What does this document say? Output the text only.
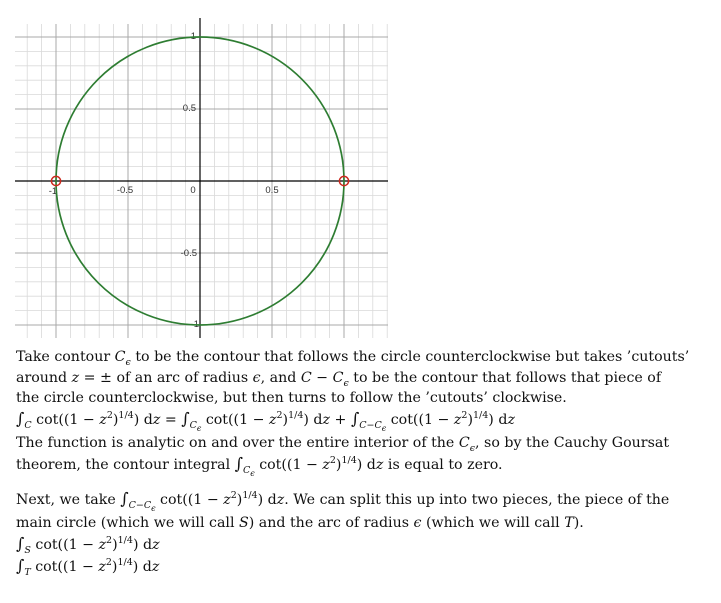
-1	-0.5	0	0.5
1
0.5
-0.5
-1

Take contour $C_\epsilon$ to be the contour that follows the circle counterclockwise but takes ’cutouts’
around z = ± of an arc of radius ϵ, and $C - C_\epsilon$ to be the contour that follows that piece of
the circle counterclockwise, but then turns to follow the ’cutouts’ clockwise.

$\int_C$ $\cot((1 - z^2)^{1/4})$ dz = $\int_{C_\epsilon}$ $\cot((1 - z^2)^{1/4})$ dz + $\int_{C-C_\epsilon}$ $\cot((1 - z^2)^{1/4})$ dz

The function is analytic on and over the entire interior of the $C_\epsilon$, so by the Cauchy Goursat
theorem, the contour integral $\int_{C_\epsilon}$ $\cot((1 - z^2)^{1/4})$ dz is equal to zero.

Next, we take $\int_{C-C_\epsilon}$ $\cot((1 - z^2)^{1/4})$ dz. We can split this up into two pieces, the piece of the
main circle (which we will call S) and the arc of radius ϵ (which we will call T).

$\int_S$ $\cot((1 - z^2)^{1/4})$ dz

$\int_T$ $\cot((1 - z^2)^{1/4})$ dz
